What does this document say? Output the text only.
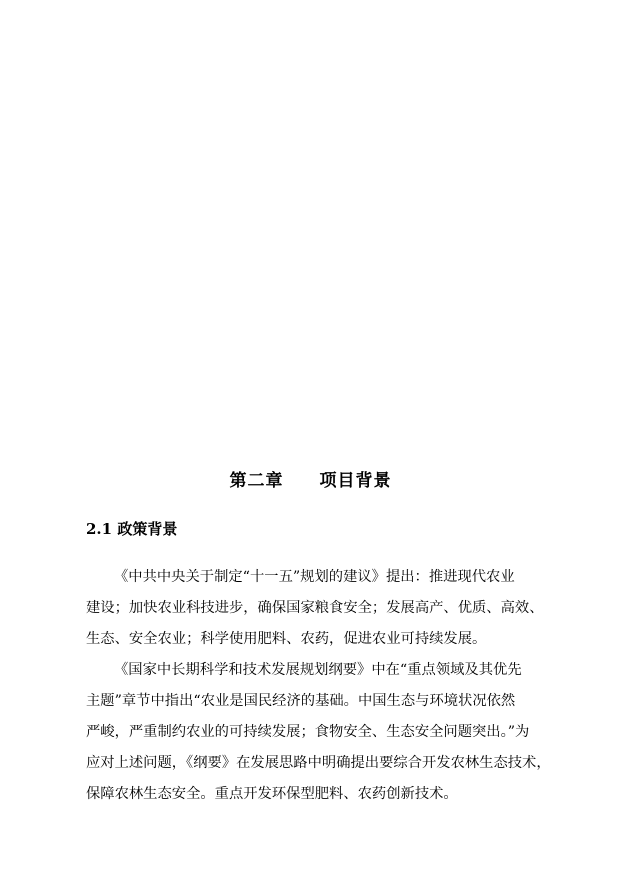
第二章 项目背景
2.1 政策背景

《中共中央关于制定“十一五”规划的建议》提出：推进现代农业
建设；加快农业科技进步，确保国家粮食安全；发展高产、优质、高效、
生态、安全农业；科学使用肥料、农药，促进农业可持续发展。

《国家中长期科学和技术发展规划纲要》中在“重点领域及其优先
主题”章节中指出“农业是国民经济的基础。中国生态与环境状况依然
严峻，严重制约农业的可持续发展；食物安全、生态安全问题突出。”为
应对上述问题，《纲要》在发展思路中明确提出要综合开发农林生态技术，
保障农林生态安全。重点开发环保型肥料、农药创新技术。
